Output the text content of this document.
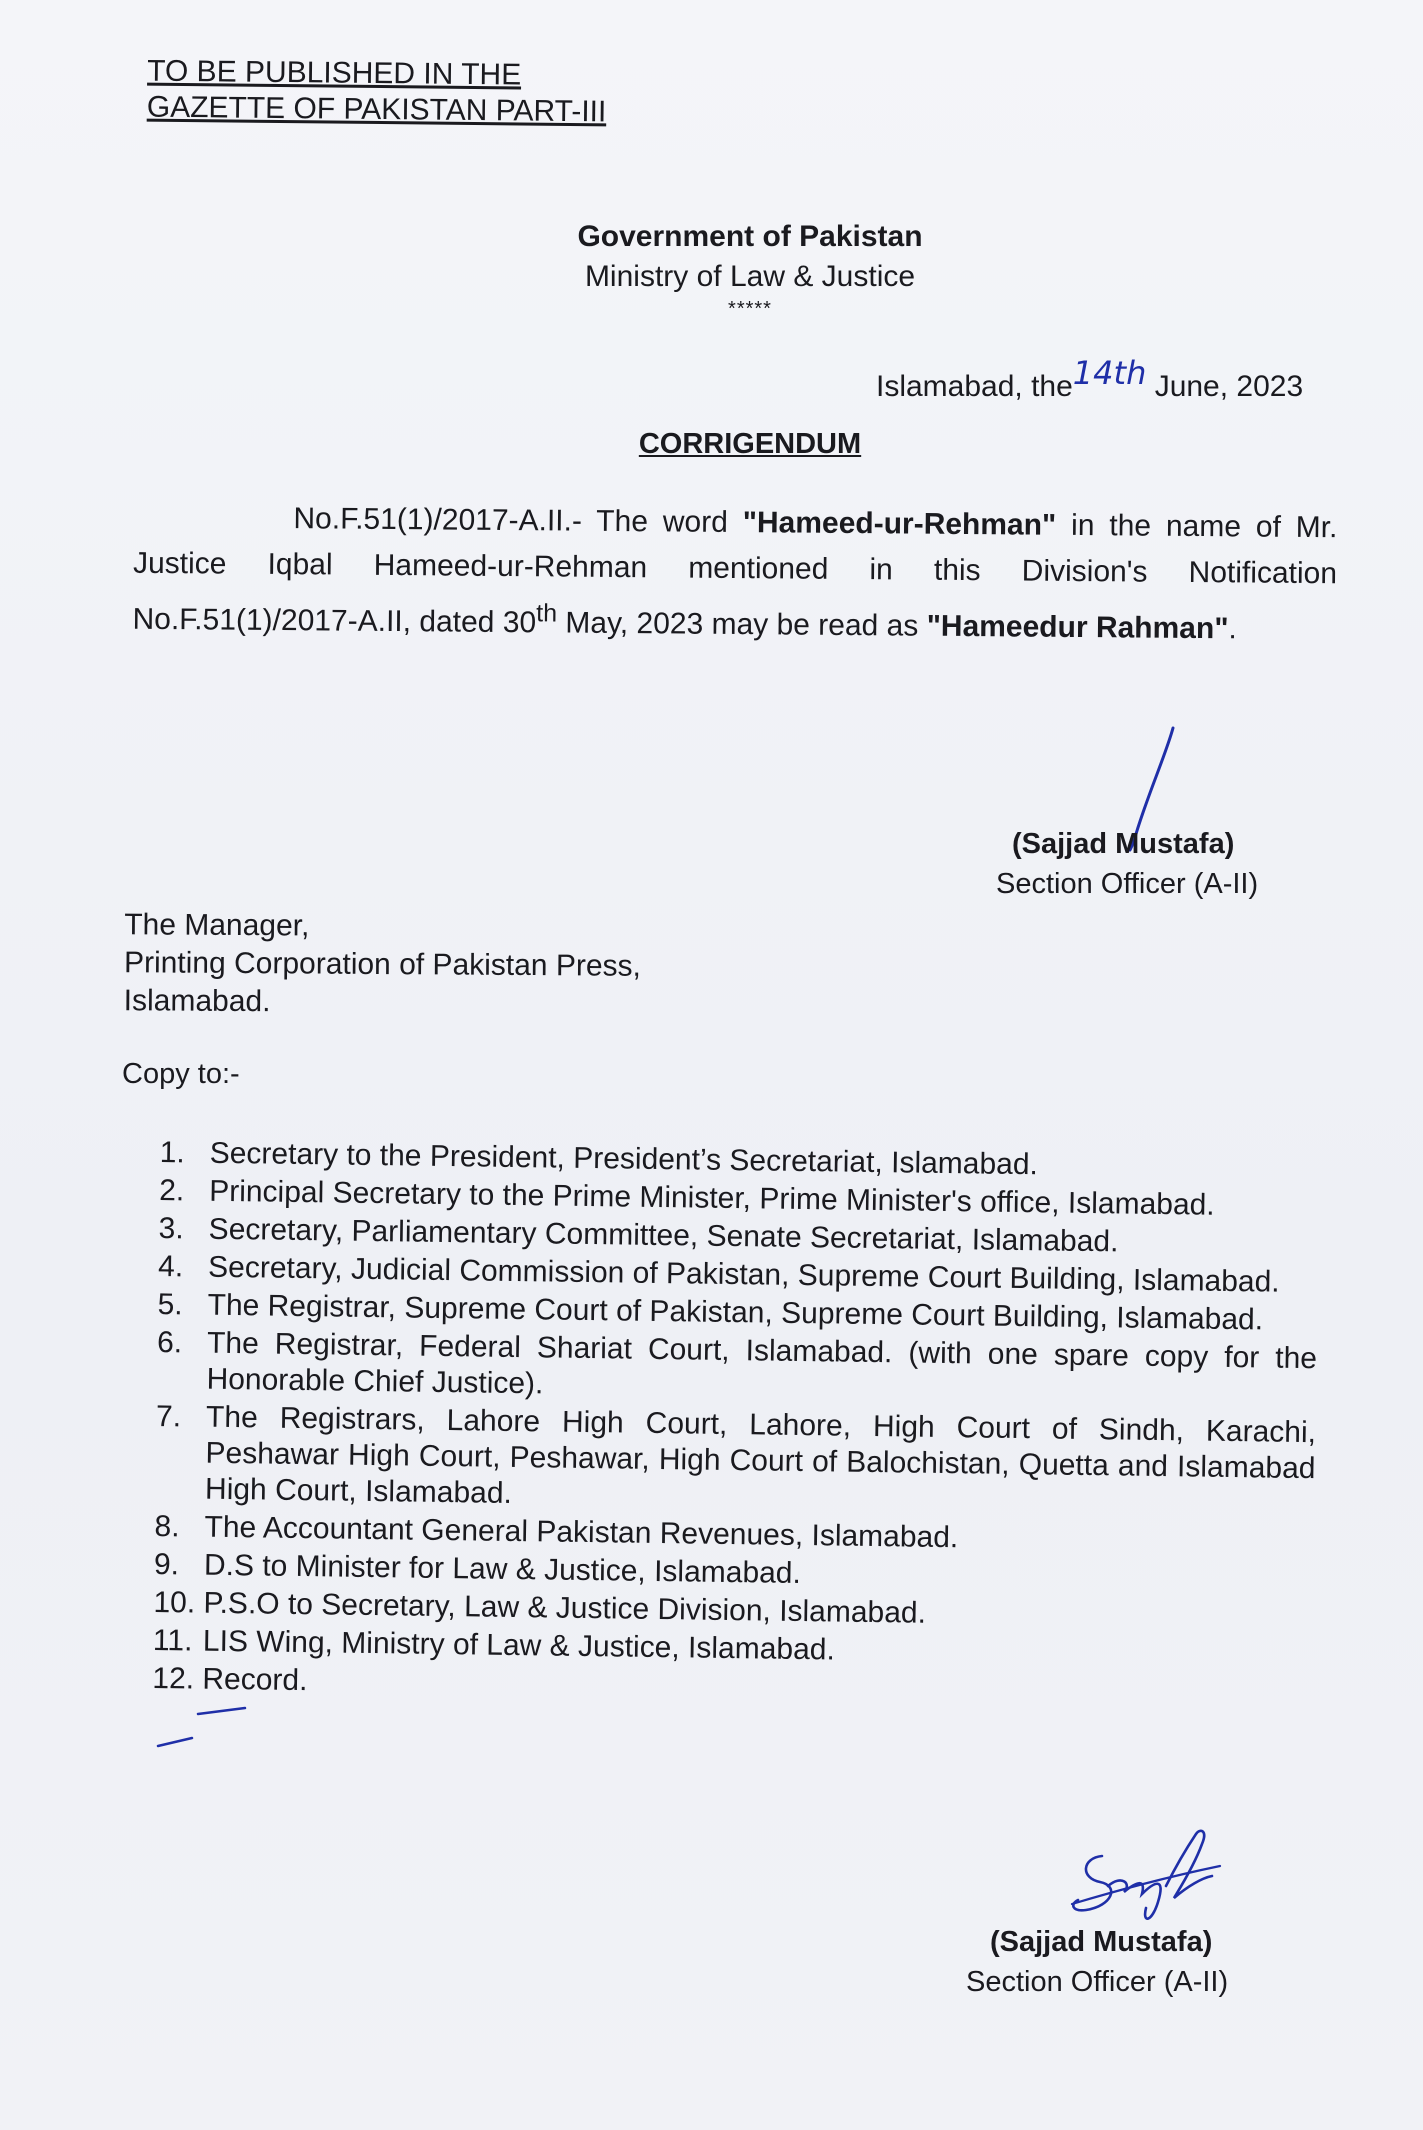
TO BE PUBLISHED IN THE
GAZETTE OF PAKISTAN PART-III
Government of Pakistan
Ministry of Law & Justice
*****
Islamabad, the14th June, 2023
CORRIGENDUM

No.F.51(1)/2017-A.II.- The word "Hameed-ur-Rehman" in the name of Mr. Justice Iqbal Hameed-ur-Rehman mentioned in this Division's Notification No.F.51(1)/2017-A.II, dated 30th May, 2023 may be read as "Hameedur Rahman".

(Sajjad Mustafa)
Section Officer (A-II)
The Manager,
Printing Corporation of Pakistan Press,
Islamabad.
Copy to:-
1. Secretary to the President, President’s Secretariat, Islamabad.
2. Principal Secretary to the Prime Minister, Prime Minister's office, Islamabad.
3. Secretary, Parliamentary Committee, Senate Secretariat, Islamabad.
4. Secretary, Judicial Commission of Pakistan, Supreme Court Building, Islamabad.
5. The Registrar, Supreme Court of Pakistan, Supreme Court Building, Islamabad.
6. The Registrar, Federal Shariat Court, Islamabad. (with one spare copy for the Honorable Chief Justice).
7. The Registrars, Lahore High Court, Lahore, High Court of Sindh, Karachi, Peshawar High Court, Peshawar, High Court of Balochistan, Quetta and Islamabad High Court, Islamabad.
8. The Accountant General Pakistan Revenues, Islamabad.
9. D.S to Minister for Law & Justice, Islamabad.
10. P.S.O to Secretary, Law & Justice Division, Islamabad.
11. LIS Wing, Ministry of Law & Justice, Islamabad.
12. Record.
(Sajjad Mustafa)
Section Officer (A-II)
